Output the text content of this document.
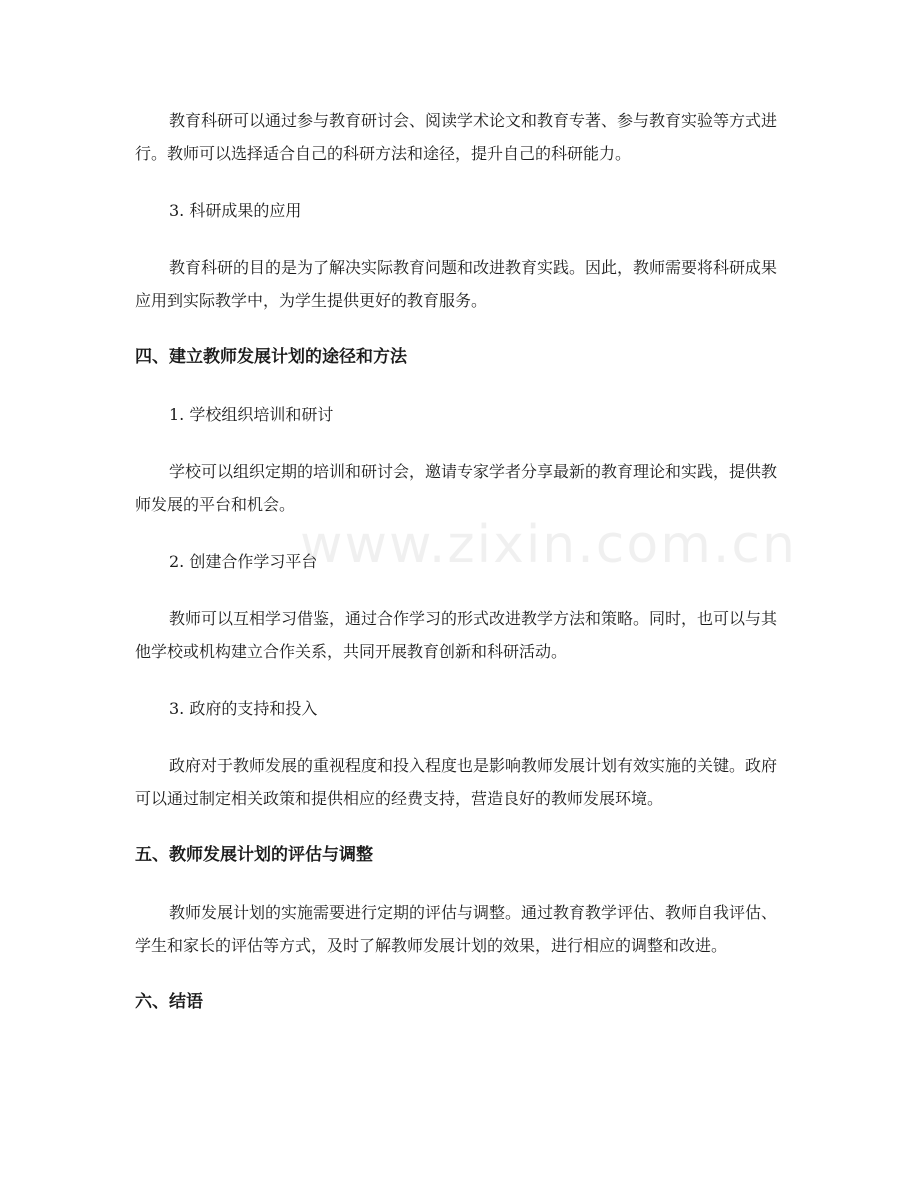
教育科研可以通过参与教育研讨会、阅读学术论文和教育专著、参与教育实验等方式进行。教师可以选择适合自己的科研方法和途径，提升自己的科研能力。

3. 科研成果的应用

教育科研的目的是为了解决实际教育问题和改进教育实践。因此，教师需要将科研成果应用到实际教学中，为学生提供更好的教育服务。

四、建立教师发展计划的途径和方法

1. 学校组织培训和研讨

学校可以组织定期的培训和研讨会，邀请专家学者分享最新的教育理论和实践，提供教师发展的平台和机会。

2. 创建合作学习平台

教师可以互相学习借鉴，通过合作学习的形式改进教学方法和策略。同时，也可以与其他学校或机构建立合作关系，共同开展教育创新和科研活动。

3. 政府的支持和投入

政府对于教师发展的重视程度和投入程度也是影响教师发展计划有效实施的关键。政府可以通过制定相关政策和提供相应的经费支持，营造良好的教师发展环境。

五、教师发展计划的评估与调整

教师发展计划的实施需要进行定期的评估与调整。通过教育教学评估、教师自我评估、学生和家长的评估等方式，及时了解教师发展计划的效果，进行相应的调整和改进。

六、结语
www.zixin.com.cn
